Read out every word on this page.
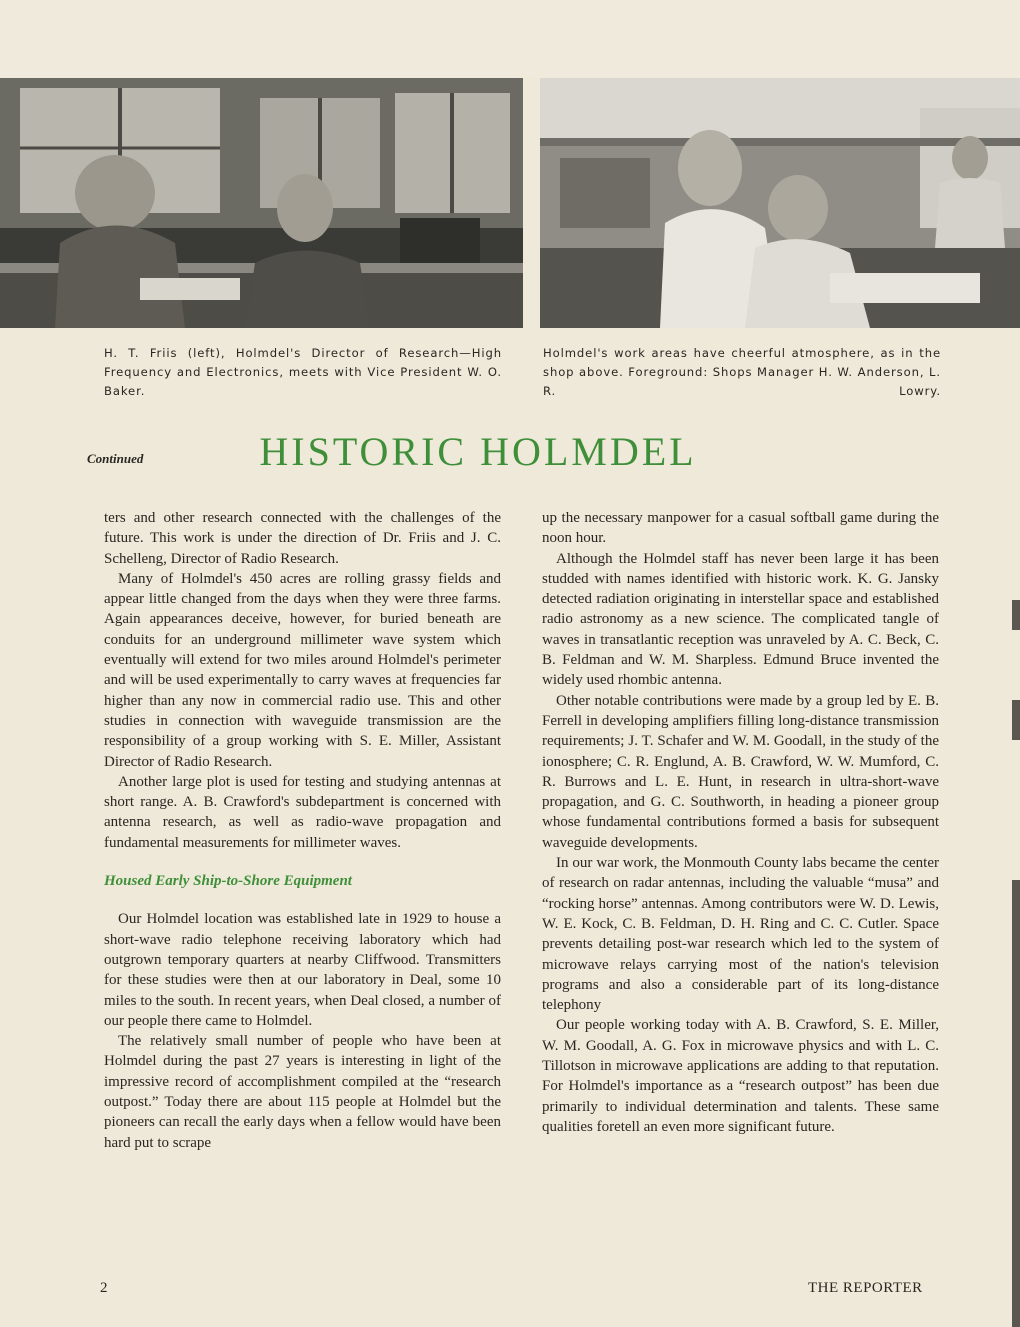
H. T. Friis (left), Holmdel's Director of Research—High Frequency and Electronics, meets with Vice President W. O. Baker.
Holmdel's work areas have cheerful atmosphere, as in the shop above. Foreground: Shops Manager H. W. Anderson, L. R. Lowry.
Continued	HISTORIC HOLMDEL

ters and other research connected with the challenges of the future. This work is under the direction of Dr. Friis and J. C. Schelleng, Director of Radio Research.

Many of Holmdel's 450 acres are rolling grassy fields and appear little changed from the days when they were three farms. Again appearances deceive, however, for buried beneath are conduits for an underground millimeter wave system which eventually will extend for two miles around Holmdel's perimeter and will be used experimentally to carry waves at frequencies far higher than any now in commercial radio use. This and other studies in connection with waveguide transmission are the responsibility of a group working with S. E. Miller, Assistant Director of Radio Research.

Another large plot is used for testing and studying antennas at short range. A. B. Crawford's subdepartment is concerned with antenna research, as well as radio-wave propagation and fundamental measurements for millimeter waves.

Housed Early Ship-to-Shore Equipment

Our Holmdel location was established late in 1929 to house a short-wave radio telephone receiving laboratory which had outgrown temporary quarters at nearby Cliffwood. Transmitters for these studies were then at our laboratory in Deal, some 10 miles to the south. In recent years, when Deal closed, a number of our people there came to Holmdel.

The relatively small number of people who have been at Holmdel during the past 27 years is interesting in light of the impressive record of accomplishment compiled at the “research outpost.” Today there are about 115 people at Holmdel but the pioneers can recall the early days when a fellow would have been hard put to scrape

up the necessary manpower for a casual softball game during the noon hour.

Although the Holmdel staff has never been large it has been studded with names identified with historic work. K. G. Jansky detected radiation originating in interstellar space and established radio astronomy as a new science. The complicated tangle of waves in transatlantic reception was unraveled by A. C. Beck, C. B. Feldman and W. M. Sharpless. Edmund Bruce invented the widely used rhombic antenna.

Other notable contributions were made by a group led by E. B. Ferrell in developing amplifiers filling long-distance transmission requirements; J. T. Schafer and W. M. Goodall, in the study of the ionosphere; C. R. Englund, A. B. Crawford, W. W. Mumford, C. R. Burrows and L. E. Hunt, in research in ultra-short-wave propagation, and G. C. Southworth, in heading a pioneer group whose fundamental contributions formed a basis for subsequent waveguide developments.

In our war work, the Monmouth County labs became the center of research on radar antennas, including the valuable “musa” and “rocking horse” antennas. Among contributors were W. D. Lewis, W. E. Kock, C. B. Feldman, D. H. Ring and C. C. Cutler. Space prevents detailing post-war research which led to the system of microwave relays carrying most of the nation's television programs and also a considerable part of its long-distance telephony

Our people working today with A. B. Crawford, S. E. Miller, W. M. Goodall, A. G. Fox in microwave physics and with L. C. Tillotson in microwave applications are adding to that reputation. For Holmdel's importance as a “research outpost” has been due primarily to individual determination and talents. These same qualities foretell an even more significant future.

2	THE REPORTER
